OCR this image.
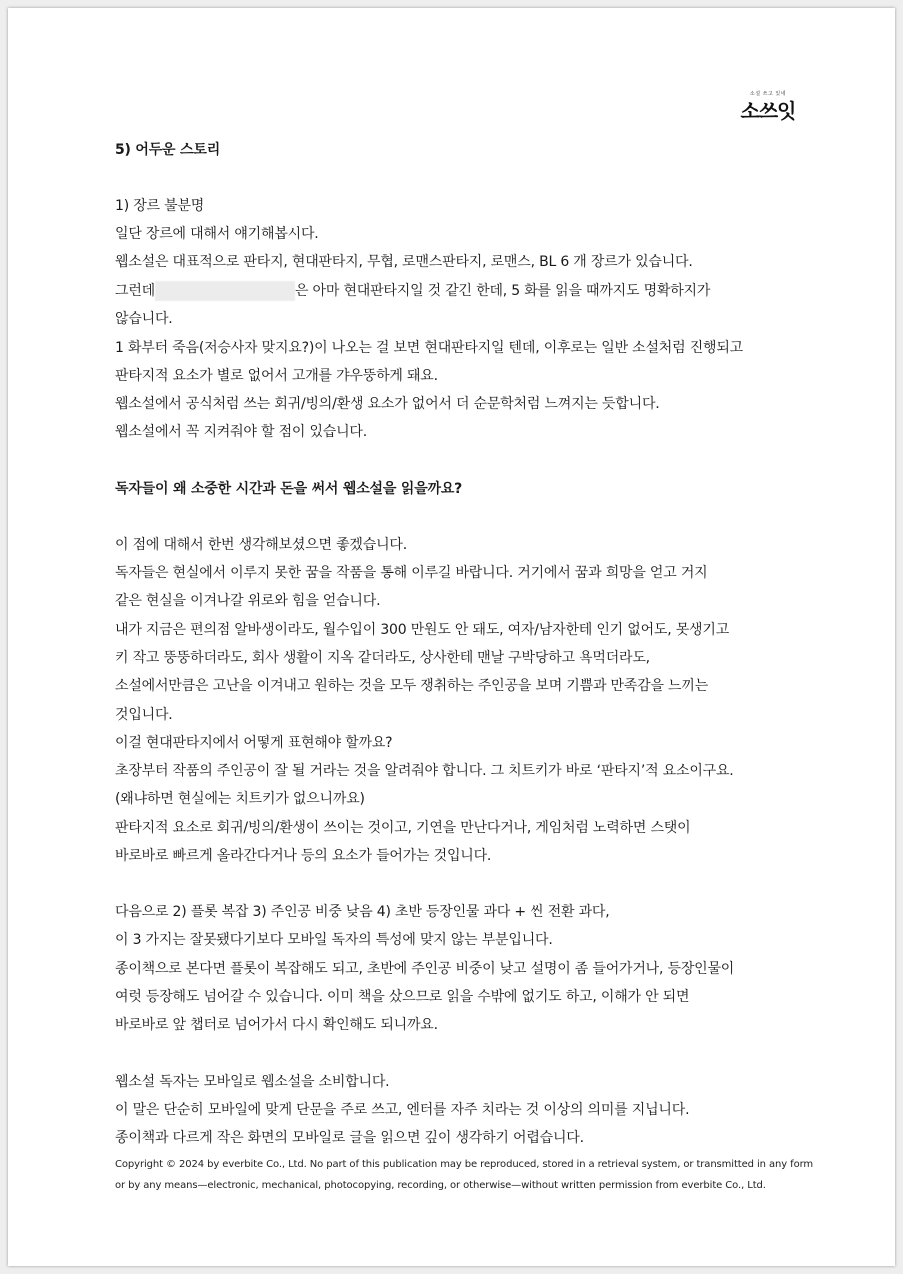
소설 쓰고 있네
소쓰잇
5) 어두운 스토리
1) 장르 불분명
일단 장르에 대해서 얘기해봅시다.
웹소설은 대표적으로 판타지, 현대판타지, 무협, 로맨스판타지, 로맨스, BL 6 개 장르가 있습니다.
그런데	은 아마 현대판타지일 것 같긴 한데, 5 화를 읽을 때까지도 명확하지가
않습니다.
1 화부터 죽음(저승사자 맞지요?)이 나오는 걸 보면 현대판타지일 텐데, 이후로는 일반 소설처럼 진행되고
판타지적 요소가 별로 없어서 고개를 갸우뚱하게 돼요.
웹소설에서 공식처럼 쓰는 회귀/빙의/환생 요소가 없어서 더 순문학처럼 느껴지는 듯합니다.
웹소설에서 꼭 지켜줘야 할 점이 있습니다.
독자들이 왜 소중한 시간과 돈을 써서 웹소설을 읽을까요?
이 점에 대해서 한번 생각해보셨으면 좋겠습니다.
독자들은 현실에서 이루지 못한 꿈을 작품을 통해 이루길 바랍니다. 거기에서 꿈과 희망을 얻고 거지
같은 현실을 이겨나갈 위로와 힘을 얻습니다.
내가 지금은 편의점 알바생이라도, 월수입이 300 만원도 안 돼도, 여자/남자한테 인기 없어도, 못생기고
키 작고 뚱뚱하더라도, 회사 생활이 지옥 같더라도, 상사한테 맨날 구박당하고 욕먹더라도,
소설에서만큼은 고난을 이겨내고 원하는 것을 모두 쟁취하는 주인공을 보며 기쁨과 만족감을 느끼는
것입니다.
이걸 현대판타지에서 어떻게 표현해야 할까요?
초장부터 작품의 주인공이 잘 될 거라는 것을 알려줘야 합니다. 그 치트키가 바로 ‘판타지’적 요소이구요.
(왜냐하면 현실에는 치트키가 없으니까요)
판타지적 요소로 회귀/빙의/환생이 쓰이는 것이고, 기연을 만난다거나, 게임처럼 노력하면 스탯이
바로바로 빠르게 올라간다거나 등의 요소가 들어가는 것입니다.
다음으로 2) 플롯 복잡 3) 주인공 비중 낮음 4) 초반 등장인물 과다 + 씬 전환 과다,
이 3 가지는 잘못됐다기보다 모바일 독자의 특성에 맞지 않는 부분입니다.
종이책으로 본다면 플롯이 복잡해도 되고, 초반에 주인공 비중이 낮고 설명이 좀 들어가거나, 등장인물이
여럿 등장해도 넘어갈 수 있습니다. 이미 책을 샀으므로 읽을 수밖에 없기도 하고, 이해가 안 되면
바로바로 앞 챕터로 넘어가서 다시 확인해도 되니까요.
웹소설 독자는 모바일로 웹소설을 소비합니다.
이 말은 단순히 모바일에 맞게 단문을 주로 쓰고, 엔터를 자주 치라는 것 이상의 의미를 지닙니다.
종이책과 다르게 작은 화면의 모바일로 글을 읽으면 깊이 생각하기 어렵습니다.
Copyright © 2024 by everbite Co., Ltd. No part of this publication may be reproduced, stored in a retrieval system, or transmitted in any form
or by any means—electronic, mechanical, photocopying, recording, or otherwise—without written permission from everbite Co., Ltd.
